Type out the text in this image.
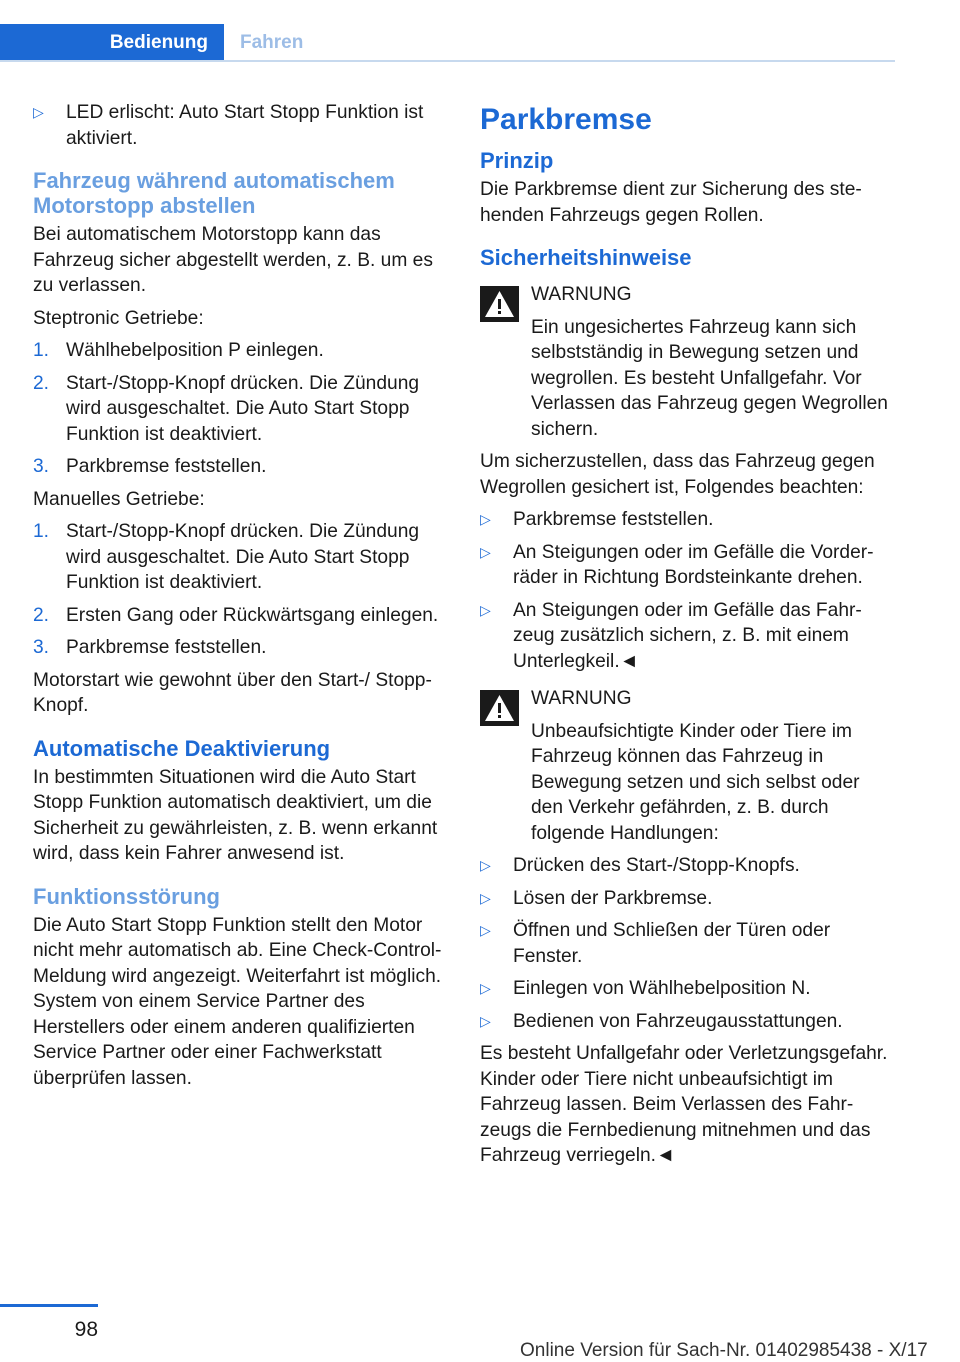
Bedienung	Fahren
▷ LED erlischt: Auto Start Stopp Funktion ist aktiviert.
Fahrzeug während automatischem Motorstopp abstellen

Bei automatischem Motorstopp kann das Fahrzeug sicher abgestellt werden, z. B. um es zu verlassen.

Steptronic Getriebe:

1. Wählhebelposition P einlegen.
2. Start-/Stopp-Knopf drücken. Die Zündung wird ausgeschaltet. Die Auto Start Stopp Funktion ist deaktiviert.
3. Parkbremse feststellen.

Manuelles Getriebe:

1. Start-/Stopp-Knopf drücken. Die Zündung wird ausgeschaltet. Die Auto Start Stopp Funktion ist deaktiviert.
2. Ersten Gang oder Rückwärtsgang einlegen.
3. Parkbremse feststellen.

Motorstart wie gewohnt über den Start-/ Stopp-Knopf.

Automatische Deaktivierung

In bestimmten Situationen wird die Auto Start Stopp Funktion automatisch deaktiviert, um die Sicherheit zu gewährleisten, z. B. wenn erkannt wird, dass kein Fahrer anwesend ist.

Funktionsstörung

Die Auto Start Stopp Funktion stellt den Motor nicht mehr automatisch ab. Eine Check-Control-Meldung wird angezeigt. Weiterfahrt ist möglich. System von einem Service Partner des Herstellers oder einem anderen qualifizierten Service Partner oder einer Fachwerkstatt überprüfen lassen.

Parkbremse
Prinzip

Die Parkbremse dient zur Sicherung des stehenden Fahrzeugs gegen Rollen.

Sicherheitshinweise
WARNUNG
Ein ungesichertes Fahrzeug kann sich selbstständig in Bewegung setzen und wegrollen. Es besteht Unfallgefahr. Vor Verlassen das Fahrzeug gegen Wegrollen sichern.

Um sicherzustellen, dass das Fahrzeug gegen Wegrollen gesichert ist, Folgendes beachten:

▷ Parkbremse feststellen.
▷ An Steigungen oder im Gefälle die Vorderräder in Richtung Bordsteinkante drehen.
▷ An Steigungen oder im Gefälle das Fahrzeug zusätzlich sichern, z. B. mit einem Unterlegkeil.◄
WARNUNG
Unbeaufsichtigte Kinder oder Tiere im Fahrzeug können das Fahrzeug in Bewegung setzen und sich selbst oder den Verkehr gefährden, z. B. durch folgende Handlungen:
▷ Drücken des Start-/Stopp-Knopfs.
▷ Lösen der Parkbremse.
▷ Öffnen und Schließen der Türen oder Fenster.
▷ Einlegen von Wählhebelposition N.
▷ Bedienen von Fahrzeugausstattungen.

Es besteht Unfallgefahr oder Verletzungsgefahr. Kinder oder Tiere nicht unbeaufsichtigt im Fahrzeug lassen. Beim Verlassen des Fahrzeugs die Fernbedienung mitnehmen und das Fahrzeug verriegeln.◄

98
Online Version für Sach-Nr. 01402985438 - X/17
